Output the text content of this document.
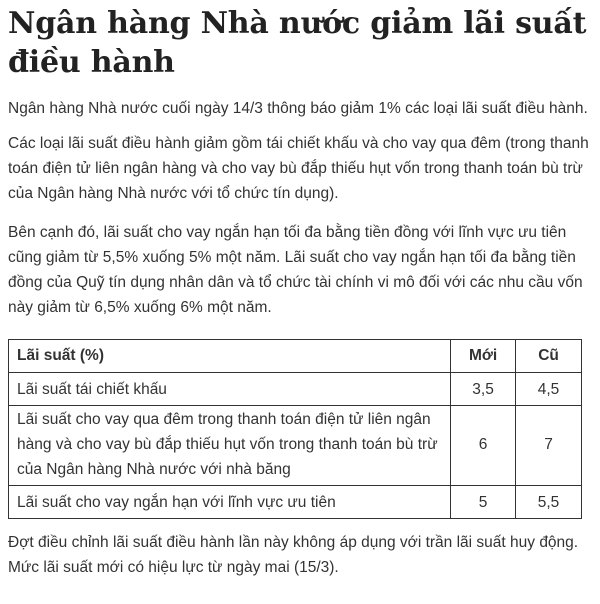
Ngân hàng Nhà nước giảm lãi suất điều hành

Ngân hàng Nhà nước cuối ngày 14/3 thông báo giảm 1% các loại lãi suất điều hành.

Các loại lãi suất điều hành giảm gồm tái chiết khấu và cho vay qua đêm (trong thanh toán điện tử liên ngân hàng và cho vay bù đắp thiếu hụt vốn trong thanh toán bù trừ của Ngân hàng Nhà nước với tổ chức tín dụng).

Bên cạnh đó, lãi suất cho vay ngắn hạn tối đa bằng tiền đồng với lĩnh vực ưu tiên cũng giảm từ 5,5% xuống 5% một năm. Lãi suất cho vay ngắn hạn tối đa bằng tiền đồng của Quỹ tín dụng nhân dân và tổ chức tài chính vi mô đối với các nhu cầu vốn này giảm từ 6,5% xuống 6% một năm.

Lãi suất (%)	Mới	Cũ
Lãi suất tái chiết khấu	3,5	4,5
Lãi suất cho vay qua đêm trong thanh toán điện tử liên ngân hàng và cho vay bù đắp thiếu hụt vốn trong thanh toán bù trừ của Ngân hàng Nhà nước với nhà băng	6	7
Lãi suất cho vay ngắn hạn với lĩnh vực ưu tiên	5	5,5

Đợt điều chỉnh lãi suất điều hành lần này không áp dụng với trần lãi suất huy động. Mức lãi suất mới có hiệu lực từ ngày mai (15/3).
